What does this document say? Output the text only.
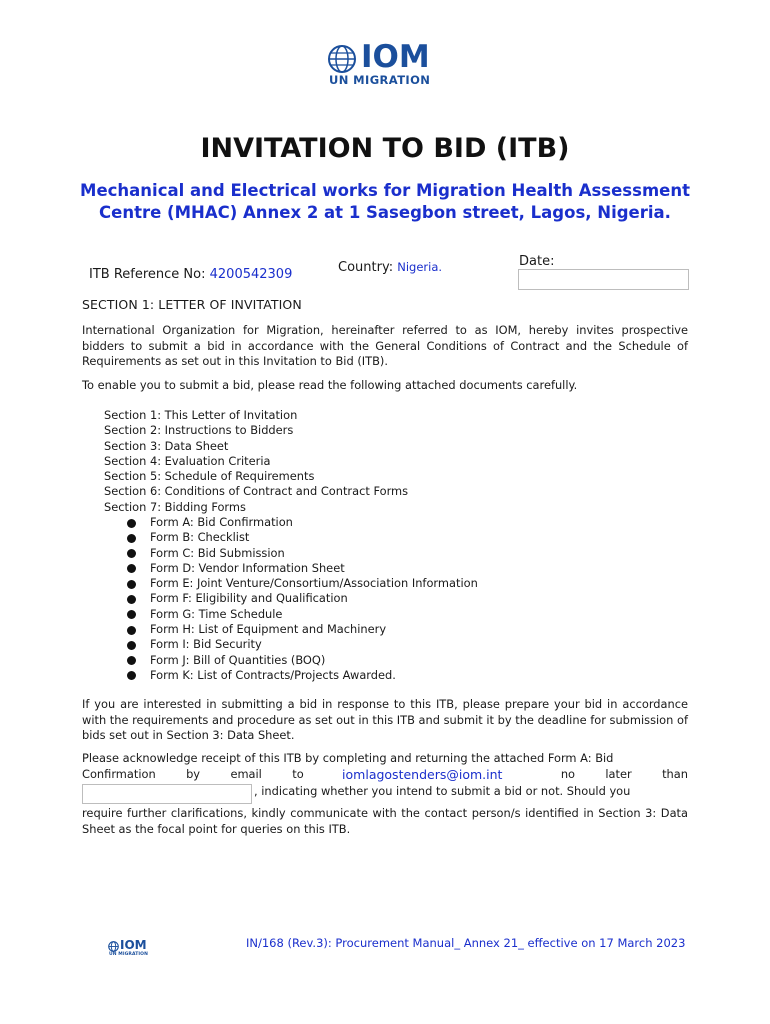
IOM
UN MIGRATION
INVITATION TO BID (ITB)
Mechanical and Electrical works for Migration Health Assessment Centre (MHAC) Annex 2 at 1 Sasegbon street, Lagos, Nigeria.
ITB Reference No: 4200542309	Country: Nigeria.	Date:
SECTION 1: LETTER OF INVITATION
International Organization for Migration, hereinafter referred to as IOM, hereby invites prospective bidders to submit a bid in accordance with the General Conditions of Contract and the Schedule of Requirements as set out in this Invitation to Bid (ITB).
To enable you to submit a bid, please read the following attached documents carefully.
Section 1: This Letter of Invitation
Section 2: Instructions to Bidders
Section 3: Data Sheet
Section 4: Evaluation Criteria
Section 5: Schedule of Requirements
Section 6: Conditions of Contract and Contract Forms
Section 7: Bidding Forms
Form A: Bid Confirmation
Form B: Checklist
Form C: Bid Submission
Form D: Vendor Information Sheet
Form E: Joint Venture/Consortium/Association Information
Form F: Eligibility and Qualification
Form G: Time Schedule
Form H: List of Equipment and Machinery
Form I: Bid Security
Form J: Bill of Quantities (BOQ)
Form K: List of Contracts/Projects Awarded.
If you are interested in submitting a bid in response to this ITB, please prepare your bid in accordance with the requirements and procedure as set out in this ITB and submit it by the deadline for submission of bids set out in Section 3: Data Sheet.
Please acknowledge receipt of this ITB by completing and returning the attached Form A: Bid
Confirmation	by	email	to	iomlagostenders@iom.int	no	later	than
, indicating whether you intend to submit a bid or not. Should you
require further clarifications, kindly communicate with the contact person/s identified in Section 3: Data Sheet as the focal point for queries on this ITB.
IOM
UN MIGRATION
IN/168 (Rev.3): Procurement Manual_ Annex 21_ effective on 17 March 2023
